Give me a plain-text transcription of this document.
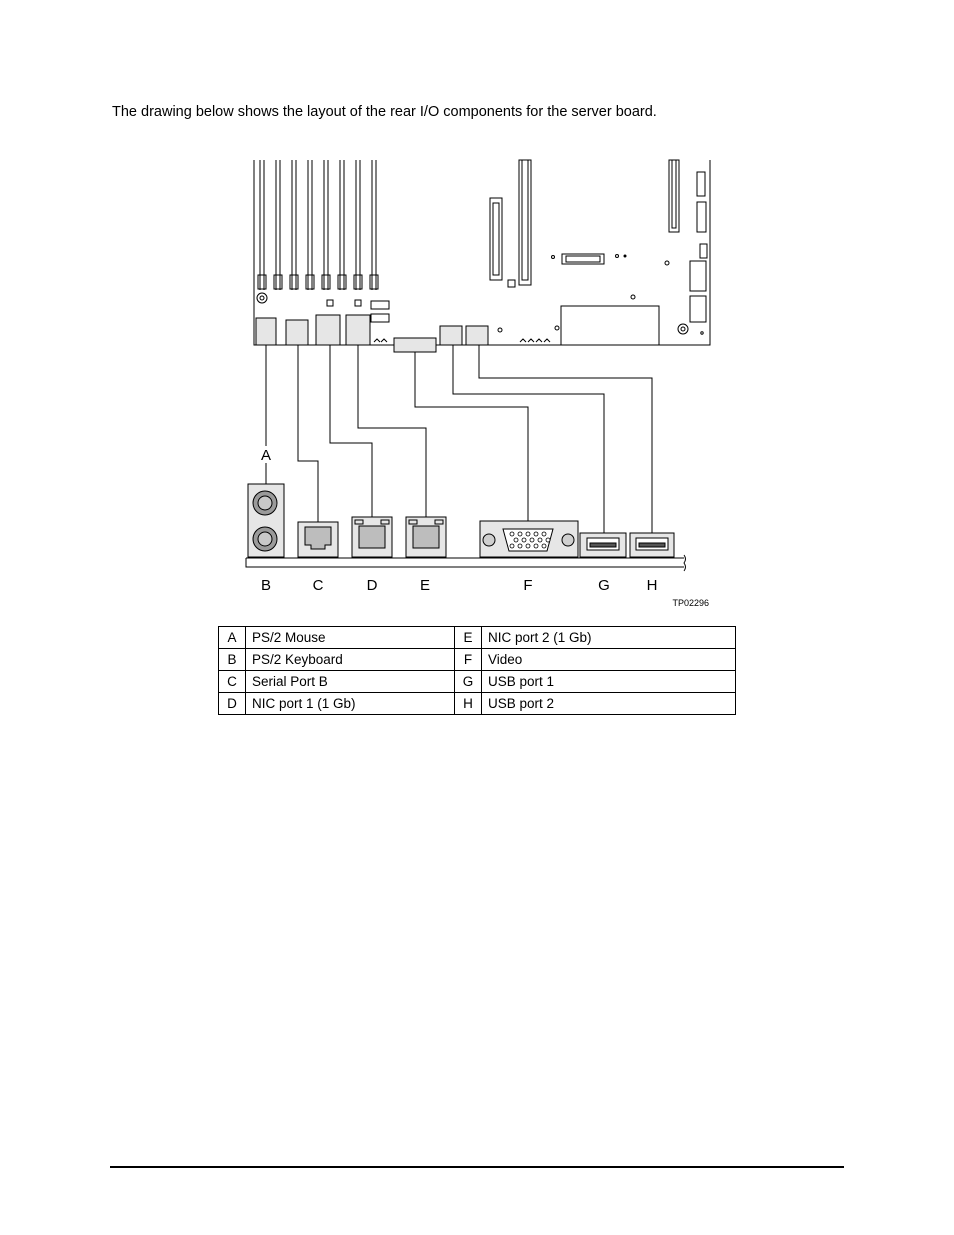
The drawing below shows the layout of the rear I/O components for the server board.

A
B	C	D	E	F	G H
TP02296
A	PS/2 Mouse	E	NIC port 2 (1 Gb)
B	PS/2 Keyboard	F	Video
C	Serial Port B	G	USB port 1
D	NIC port 1 (1 Gb)	H	USB port 2
